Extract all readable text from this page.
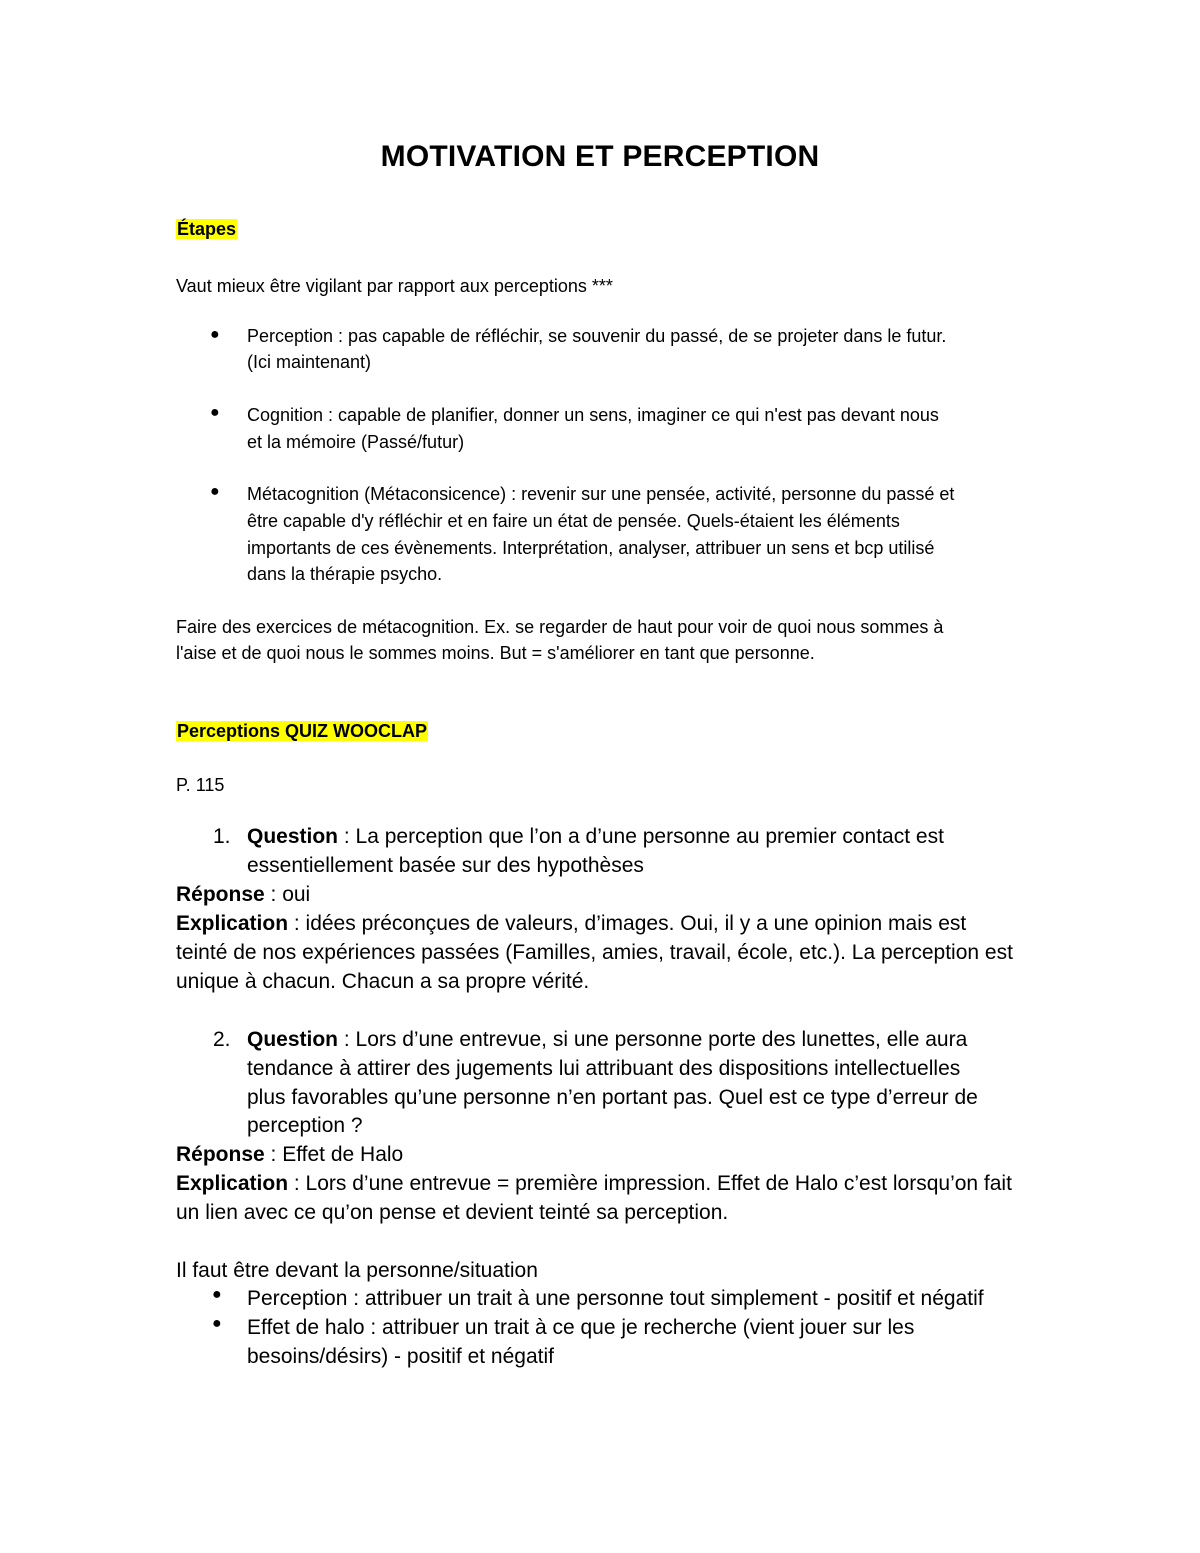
MOTIVATION ET PERCEPTION
Étapes
Vaut mieux être vigilant par rapport aux perceptions ***
● Perception : pas capable de réfléchir, se souvenir du passé, de se projeter dans le futur.
(Ici maintenant)
● Cognition : capable de planifier, donner un sens, imaginer ce qui n'est pas devant nous
et la mémoire (Passé/futur)
● Métacognition (Métaconsicence) : revenir sur une pensée, activité, personne du passé et
être capable d'y réfléchir et en faire un état de pensée. Quels-étaient les éléments
importants de ces évènements. Interprétation, analyser, attribuer un sens et bcp utilisé
dans la thérapie psycho.
Faire des exercices de métacognition. Ex. se regarder de haut pour voir de quoi nous sommes à
l'aise et de quoi nous le sommes moins. But = s'améliorer en tant que personne.
Perceptions QUIZ WOOCLAP
P. 115
1. Question : La perception que l’on a d’une personne au premier contact est
essentiellement basée sur des hypothèses
Réponse : oui
Explication : idées préconçues de valeurs, d’images. Oui, il y a une opinion mais est
teinté de nos expériences passées (Familles, amies, travail, école, etc.). La perception est
unique à chacun. Chacun a sa propre vérité.
2. Question : Lors d’une entrevue, si une personne porte des lunettes, elle aura
tendance à attirer des jugements lui attribuant des dispositions intellectuelles
plus favorables qu’une personne n’en portant pas. Quel est ce type d’erreur de
perception ?
Réponse : Effet de Halo
Explication : Lors d’une entrevue = première impression. Effet de Halo c’est lorsqu’on fait
un lien avec ce qu’on pense et devient teinté sa perception.
Il faut être devant la personne/situation
● Perception : attribuer un trait à une personne tout simplement - positif et négatif
● Effet de halo : attribuer un trait à ce que je recherche (vient jouer sur les
besoins/désirs) - positif et négatif
